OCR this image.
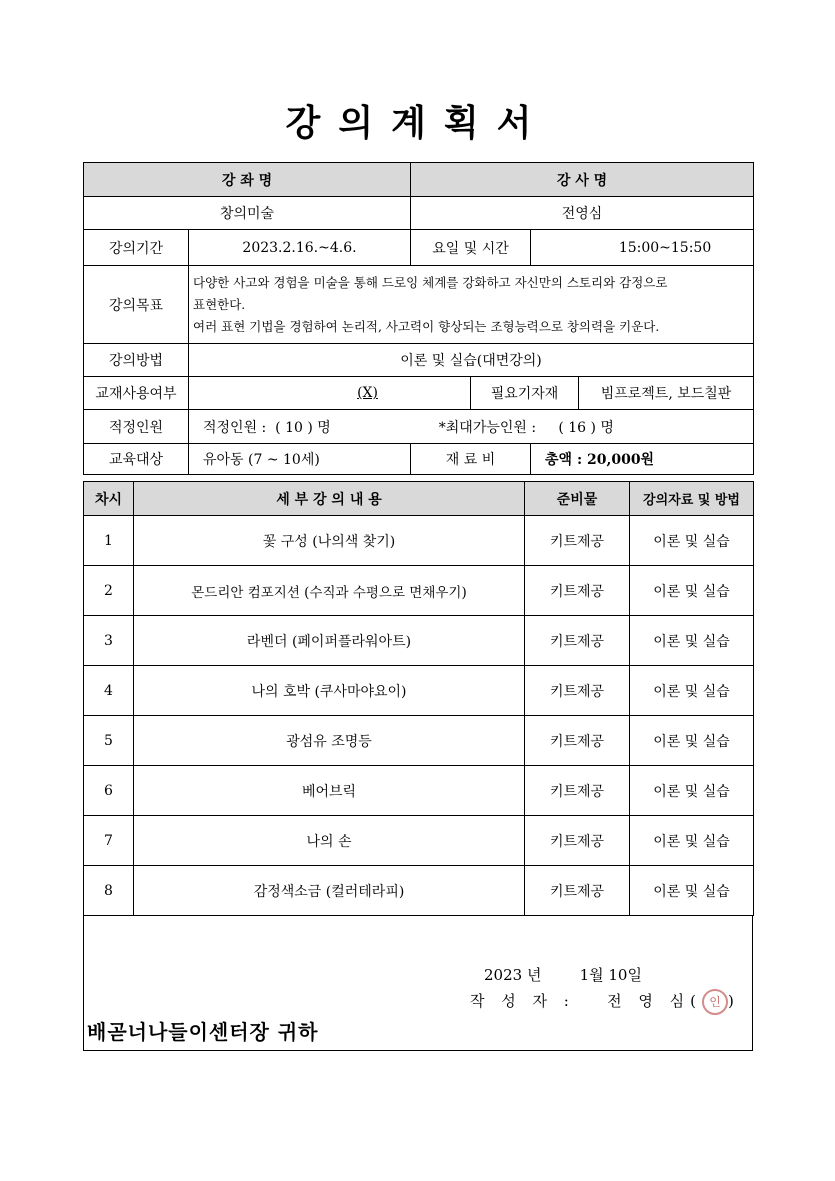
강의계획서
강 좌 명		강 사 명			
창의미술		전영심			
강의기간	2023.2.16.~4.6.	요일 및 시간		15:00~15:50	
강의목표	다양한 사고와 경험을 미술을 통해 드로잉 체계를 강화하고 자신만의 스토리와 감정으로
표현한다.
여러 표현 기법을 경험하여 논리적, 사고력이 향상되는 조형능력으로 창의력을 키운다.				

강의방법	이론 및 실습(대면강의)				
교재사용여부	(X)		필요기자재		빔프로젝트, 보드칠판
적정인원	적정인원 :  ( 10 ) 명 *최대가능인원 :     ( 16 ) 명				
교육대상	유아동 (7 ~ 10세)	재 료 비		총액 : 20,000원	
차시	세 부 강 의 내 용	준비물	강의자료 및 방법
1	꽃 구성 (나의색 찾기)	키트제공	이론 및 실습
2	몬드리안 컴포지션 (수직과 수평으로 면채우기)	키트제공	이론 및 실습
3	라벤더 (페이퍼플라워아트)	키트제공	이론 및 실습
4	나의 호박 (쿠사마야요이)	키트제공	이론 및 실습
5	광섬유 조명등	키트제공	이론 및 실습
6	베어브릭	키트제공	이론 및 실습
7	나의 손	키트제공	이론 및 실습
8	감정색소금 (컬러테라피)	키트제공	이론 및 실습
2023 년        1월 10일
작 성 자 :   전 영 심( 인 )
배곧너나들이센터장 귀하
